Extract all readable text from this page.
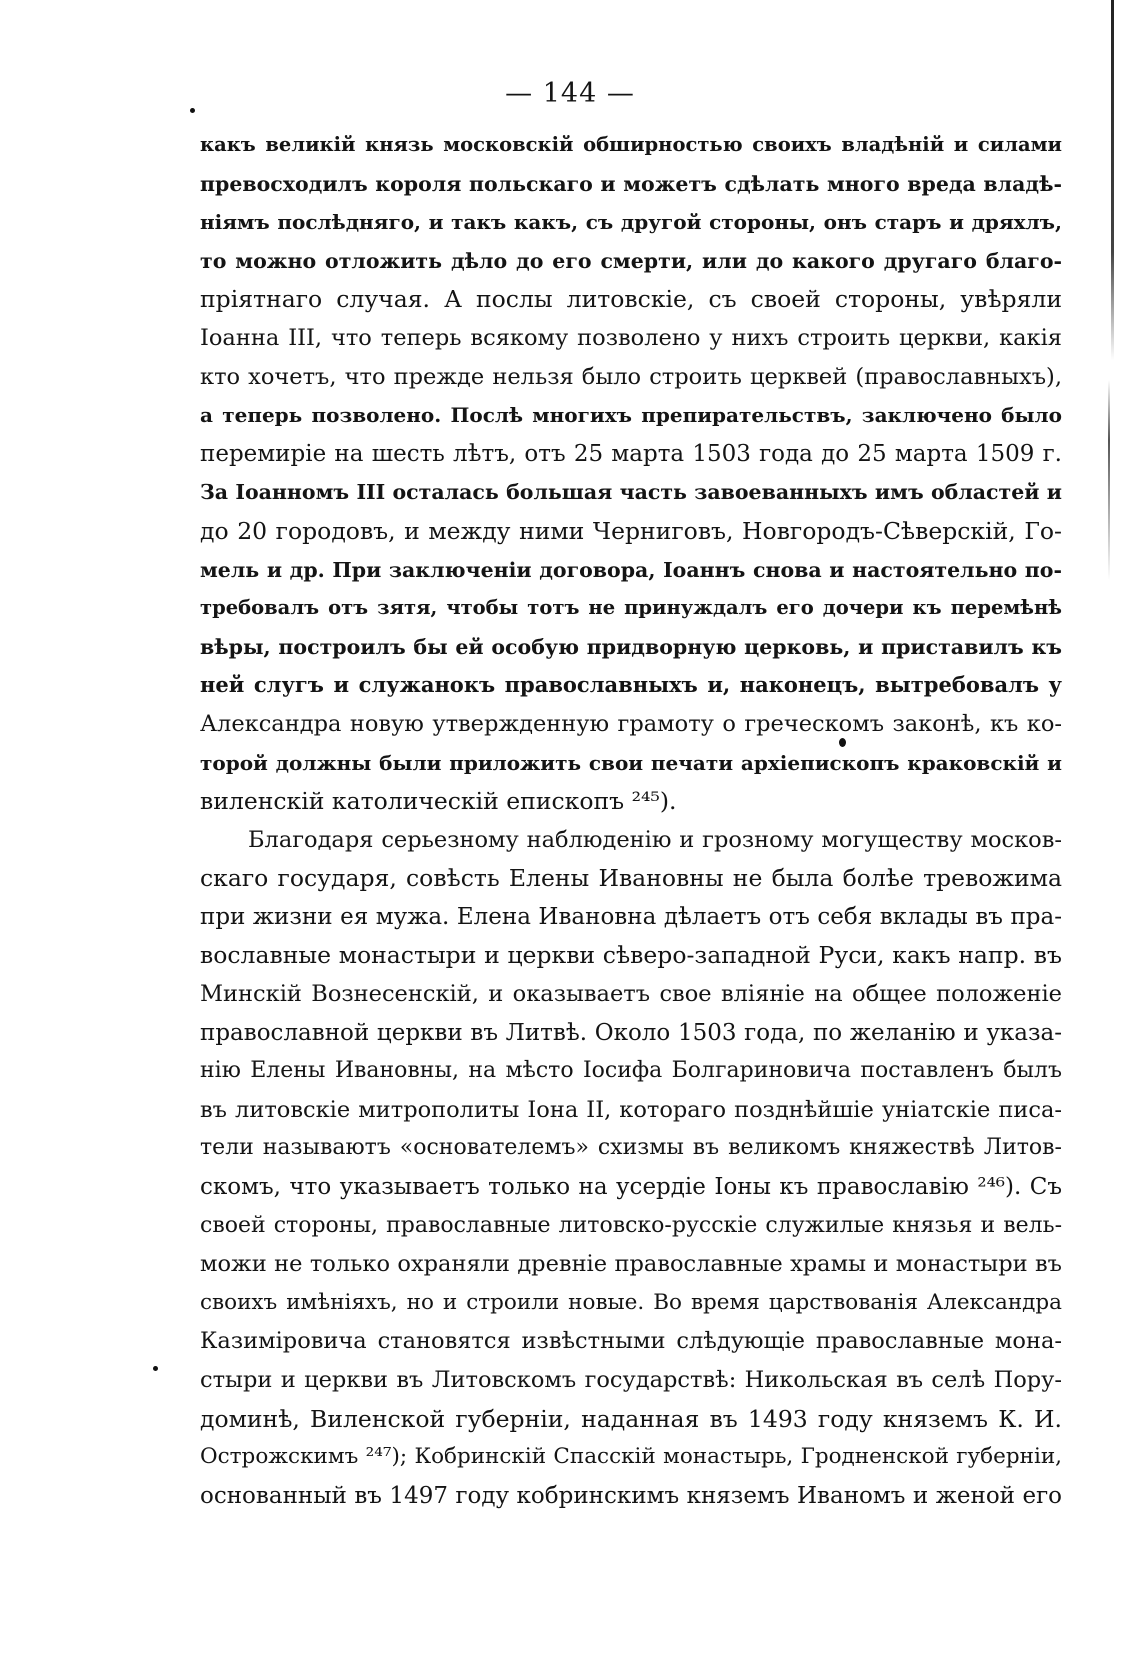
— 144 —
какъ великій князь московскій обширностью своихъ владѣній и силами
превосходилъ короля польскаго и можетъ сдѣлать много вреда владѣ-
ніямъ послѣдняго, и такъ какъ, съ другой стороны, онъ старъ и дряхлъ,
то можно отложить дѣло до его смерти, или до какого другаго благо-
пріятнаго случая. А послы литовскіе, съ своей стороны, увѣряли
Іоанна III, что теперь всякому позволено у нихъ строить церкви, какія
кто хочетъ, что прежде нельзя было строить церквей (православныхъ),
а теперь позволено. Послѣ многихъ препирательствъ, заключено было
перемиріе на шесть лѣтъ, отъ 25 марта 1503 года до 25 марта 1509 г.
За Іоанномъ III осталась большая часть завоеванныхъ имъ областей и
до 20 городовъ, и между ними Черниговъ, Новгородъ-Сѣверскій, Го-
мель и др. При заключеніи договора, Іоаннъ снова и настоятельно по-
требовалъ отъ зятя, чтобы тотъ не принуждалъ его дочери къ перемѣнѣ
вѣры, построилъ бы ей особую придворную церковь, и приставилъ къ
ней слугъ и служанокъ православныхъ и, наконецъ, вытребовалъ у
Александра новую утвержденную грамоту о греческомъ законѣ, къ ко-
торой должны были приложить свои печати архіепископъ краковскій и
виленскій католическій епископъ ²⁴⁵).
Благодаря серьезному наблюденію и грозному могуществу москов-
скаго государя, совѣсть Елены Ивановны не была болѣе тревожима
при жизни ея мужа. Елена Ивановна дѣлаетъ отъ себя вклады въ пра-
вославные монастыри и церкви сѣверо-западной Руси, какъ напр. въ
Минскій Вознесенскій, и оказываетъ свое вліяніе на общее положеніе
православной церкви въ Литвѣ. Около 1503 года, по желанію и указа-
нію Елены Ивановны, на мѣсто Іосифа Болгариновича поставленъ былъ
въ литовскіе митрополиты Іона II, котораго позднѣйшіе уніатскіе писа-
тели называютъ «основателемъ» схизмы въ великомъ княжествѣ Литов-
скомъ, что указываетъ только на усердіе Іоны къ православію ²⁴⁶). Съ
своей стороны, православные литовско-русскіе служилые князья и вель-
можи не только охраняли древніе православные храмы и монастыри въ
своихъ имѣніяхъ, но и строили новые. Во время царствованія Александра
Казиміровича становятся извѣстными слѣдующіе православные мона-
стыри и церкви въ Литовскомъ государствѣ: Никольская въ селѣ Пору-
доминѣ, Виленской губерніи, наданная въ 1493 году княземъ К. И.
Острожскимъ ²⁴⁷); Кобринскій Спасскій монастырь, Гродненской губерніи,
основанный въ 1497 году кобринскимъ княземъ Иваномъ и женой его
